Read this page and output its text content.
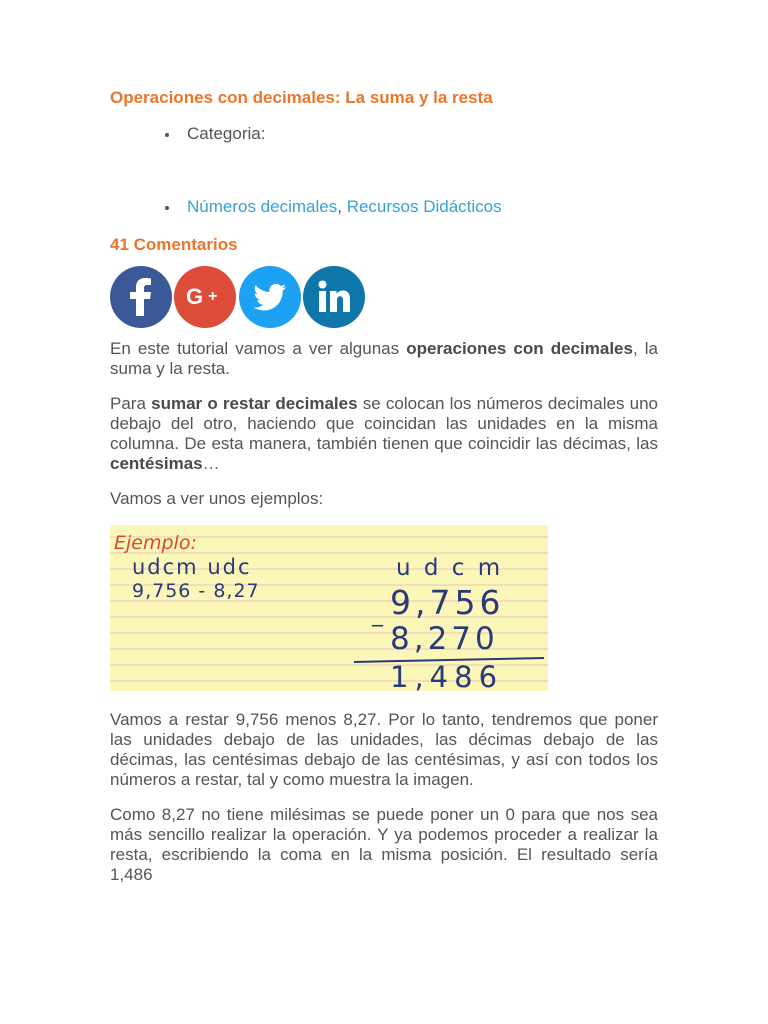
Operaciones con decimales: La suma y la resta
Categoria:
Números decimales, Recursos Didácticos
41 Comentarios
G +

En este tutorial vamos a ver algunas operaciones con decimales, la suma y la resta.

Para sumar o restar decimales se colocan los números decimales uno debajo del otro, haciendo que coincidan las unidades en la misma columna. De esta manera, también tienen que coincidir las décimas, las centésimas…

Vamos a ver unos ejemplos:

Ejemplo:
udcm udc
9,756 - 8,27
u d c m
_ 9,756
8,270
1,486

Vamos a restar 9,756 menos 8,27. Por lo tanto, tendremos que poner las unidades debajo de las unidades, las décimas debajo de las décimas, las centésimas debajo de las centésimas, y así con todos los números a restar, tal y como muestra la imagen.

Como 8,27 no tiene milésimas se puede poner un 0 para que nos sea más sencillo realizar la operación. Y ya podemos proceder a realizar la resta, escribiendo la coma en la misma posición. El resultado sería 1,486
